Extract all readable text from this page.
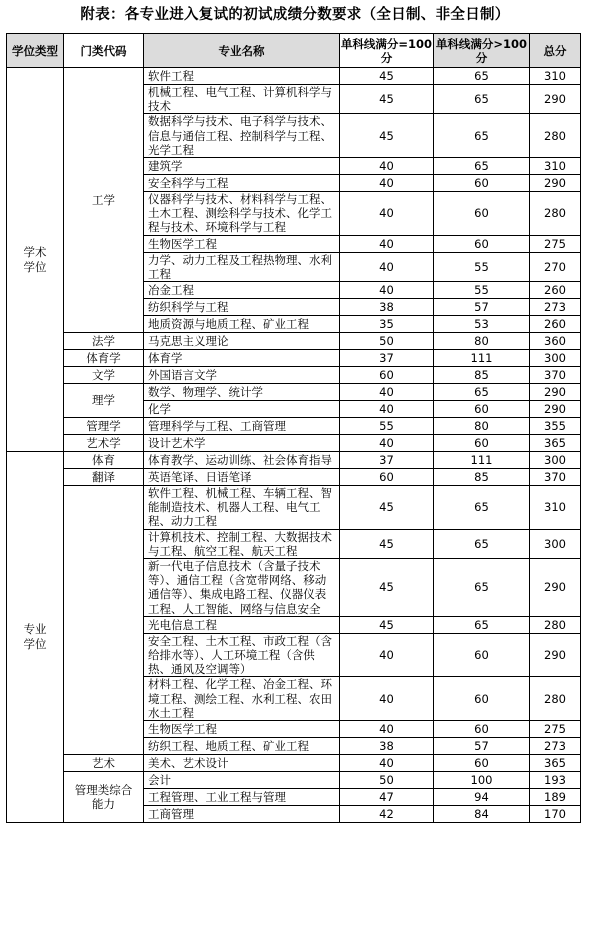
附表：各专业进入复试的初试成绩分数要求（全日制、非全日制）
学位类型	门类代码	专业名称	单科线满分=100分	单科线满分>100分	总分
学术学位	工学	软件工程	45	65	310
		机械工程、电气工程、计算机科学与技术	45	65	290
		数据科学与技术、电子科学与技术、信息与通信工程、控制科学与工程、光学工程	45	65	280
		建筑学	40	65	310
		安全科学与工程	40	60	290
		仪器科学与技术、材料科学与工程、土木工程、测绘科学与技术、化学工程与技术、环境科学与工程	40	60	280
		生物医学工程	40	60	275
		力学、动力工程及工程热物理、水利工程	40	55	270
		冶金工程	40	55	260
		纺织科学与工程	38	57	273
		地质资源与地质工程、矿业工程	35	53	260
	法学	马克思主义理论	50	80	360
	体育学	体育学	37	111	300
	文学	外国语言文学	60	85	370
	理学	数学、物理学、统计学	40	65	290
		化学	40	60	290
	管理学	管理科学与工程、工商管理	55	80	355
	艺术学	设计艺术学	40	60	365
专业学位	体育	体育教学、运动训练、社会体育指导	37	111	300
	翻译	英语笔译、日语笔译	60	85	370
		软件工程、机械工程、车辆工程、智能制造技术、机器人工程、电气工程、动力工程	45	65	310
		计算机技术、控制工程、大数据技术与工程、航空工程、航天工程	45	65	300
		新一代电子信息技术（含量子技术等）、通信工程（含宽带网络、移动通信等）、集成电路工程、仪器仪表工程、人工智能、网络与信息安全	45	65	290
		光电信息工程	45	65	280
		安全工程、土木工程、市政工程（含给排水等）、人工环境工程（含供热、通风及空调等）	40	60	290
		材料工程、化学工程、冶金工程、环境工程、测绘工程、水利工程、农田水土工程	40	60	280
		生物医学工程	40	60	275
		纺织工程、地质工程、矿业工程	38	57	273
	艺术	美术、艺术设计	40	60	365
	管理类综合能力	会计	50	100	193
		工程管理、工业工程与管理	47	94	189
		工商管理	42	84	170
